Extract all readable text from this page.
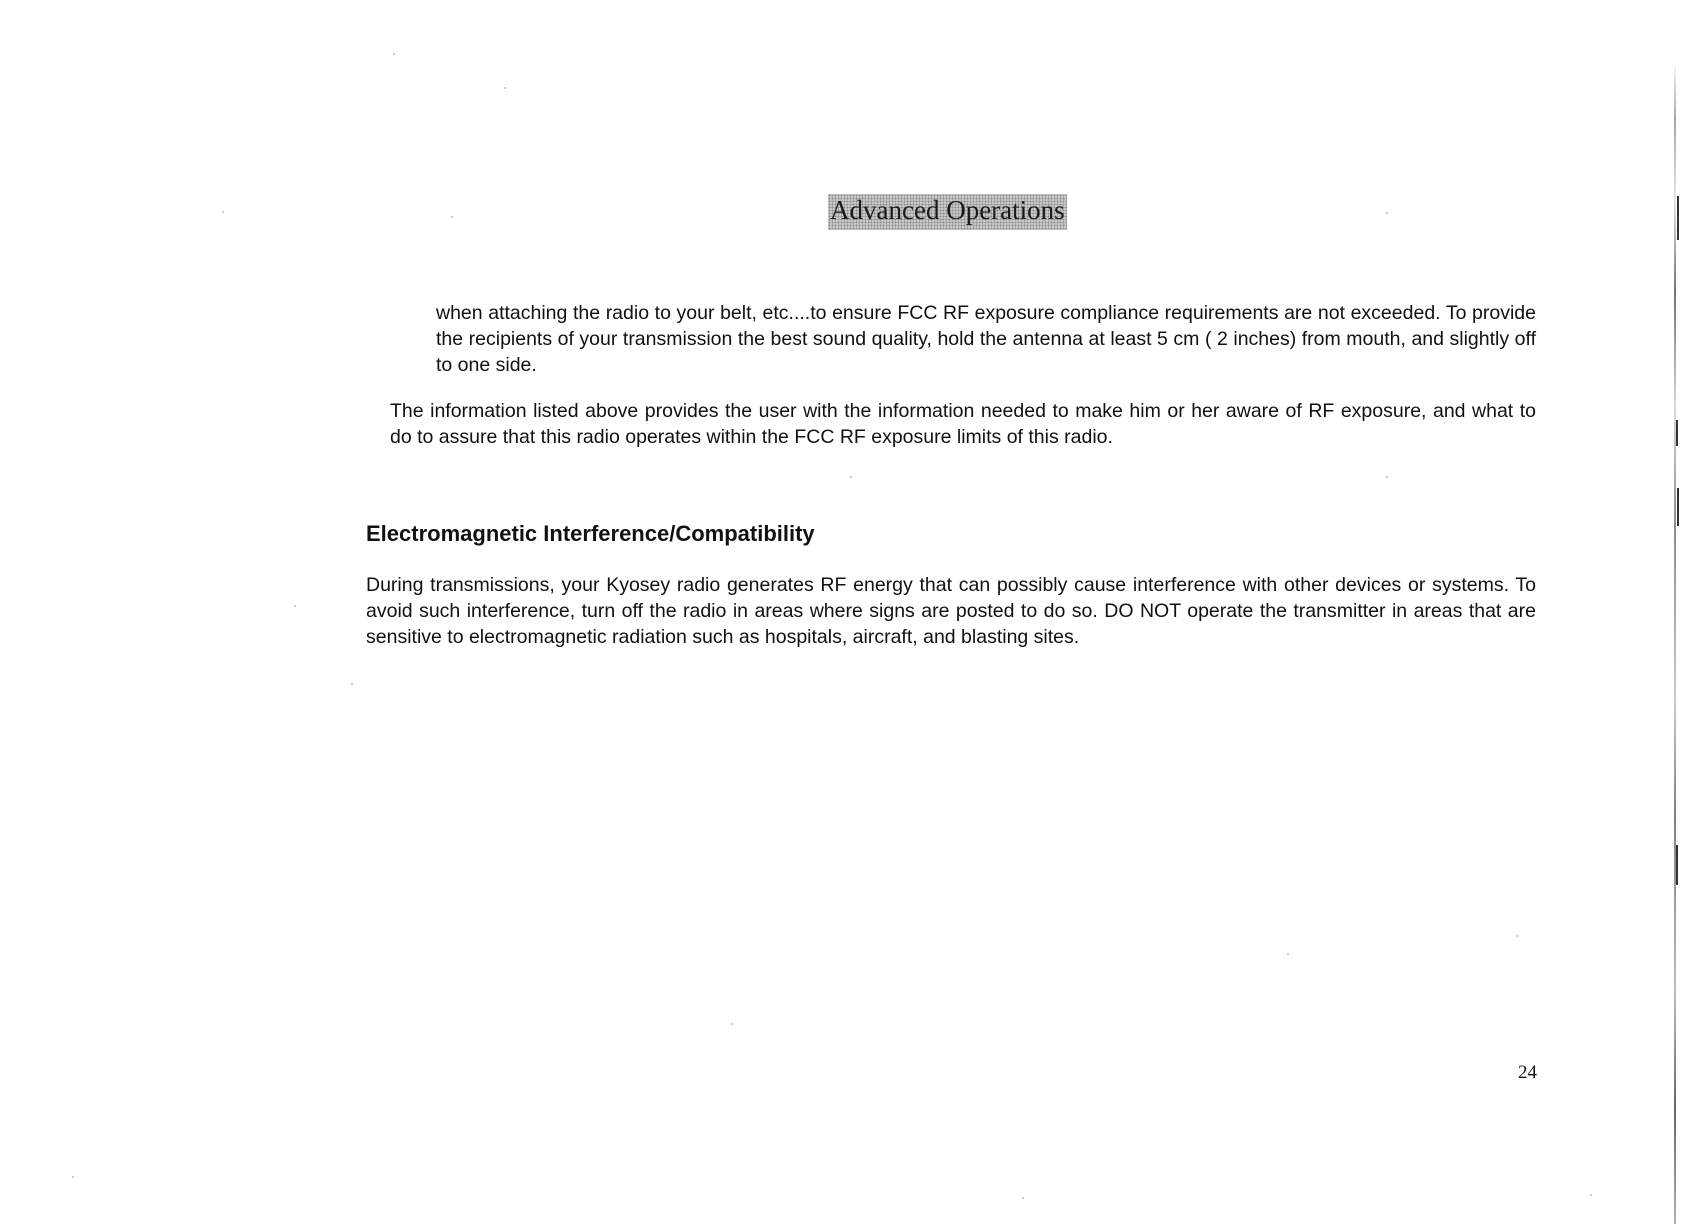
Advanced Operations

when attaching the radio to your belt, etc....to ensure FCC RF exposure compliance requirements are not exceeded. To provide the recipients of your transmission the best sound quality, hold the antenna at least 5 cm ( 2 inches) from mouth, and slightly off to one side.

The information listed above provides the user with the information needed to make him or her aware of RF exposure, and what to do to assure that this radio operates within the FCC RF exposure limits of this radio.

Electromagnetic Interference/Compatibility

During transmissions, your Kyosey radio generates RF energy that can possibly cause interference with other devices or systems. To avoid such interference, turn off the radio in areas where signs are posted to do so. DO NOT operate the transmitter in areas that are sensitive to electromagnetic radiation such as hospitals, aircraft, and blasting sites.

24
